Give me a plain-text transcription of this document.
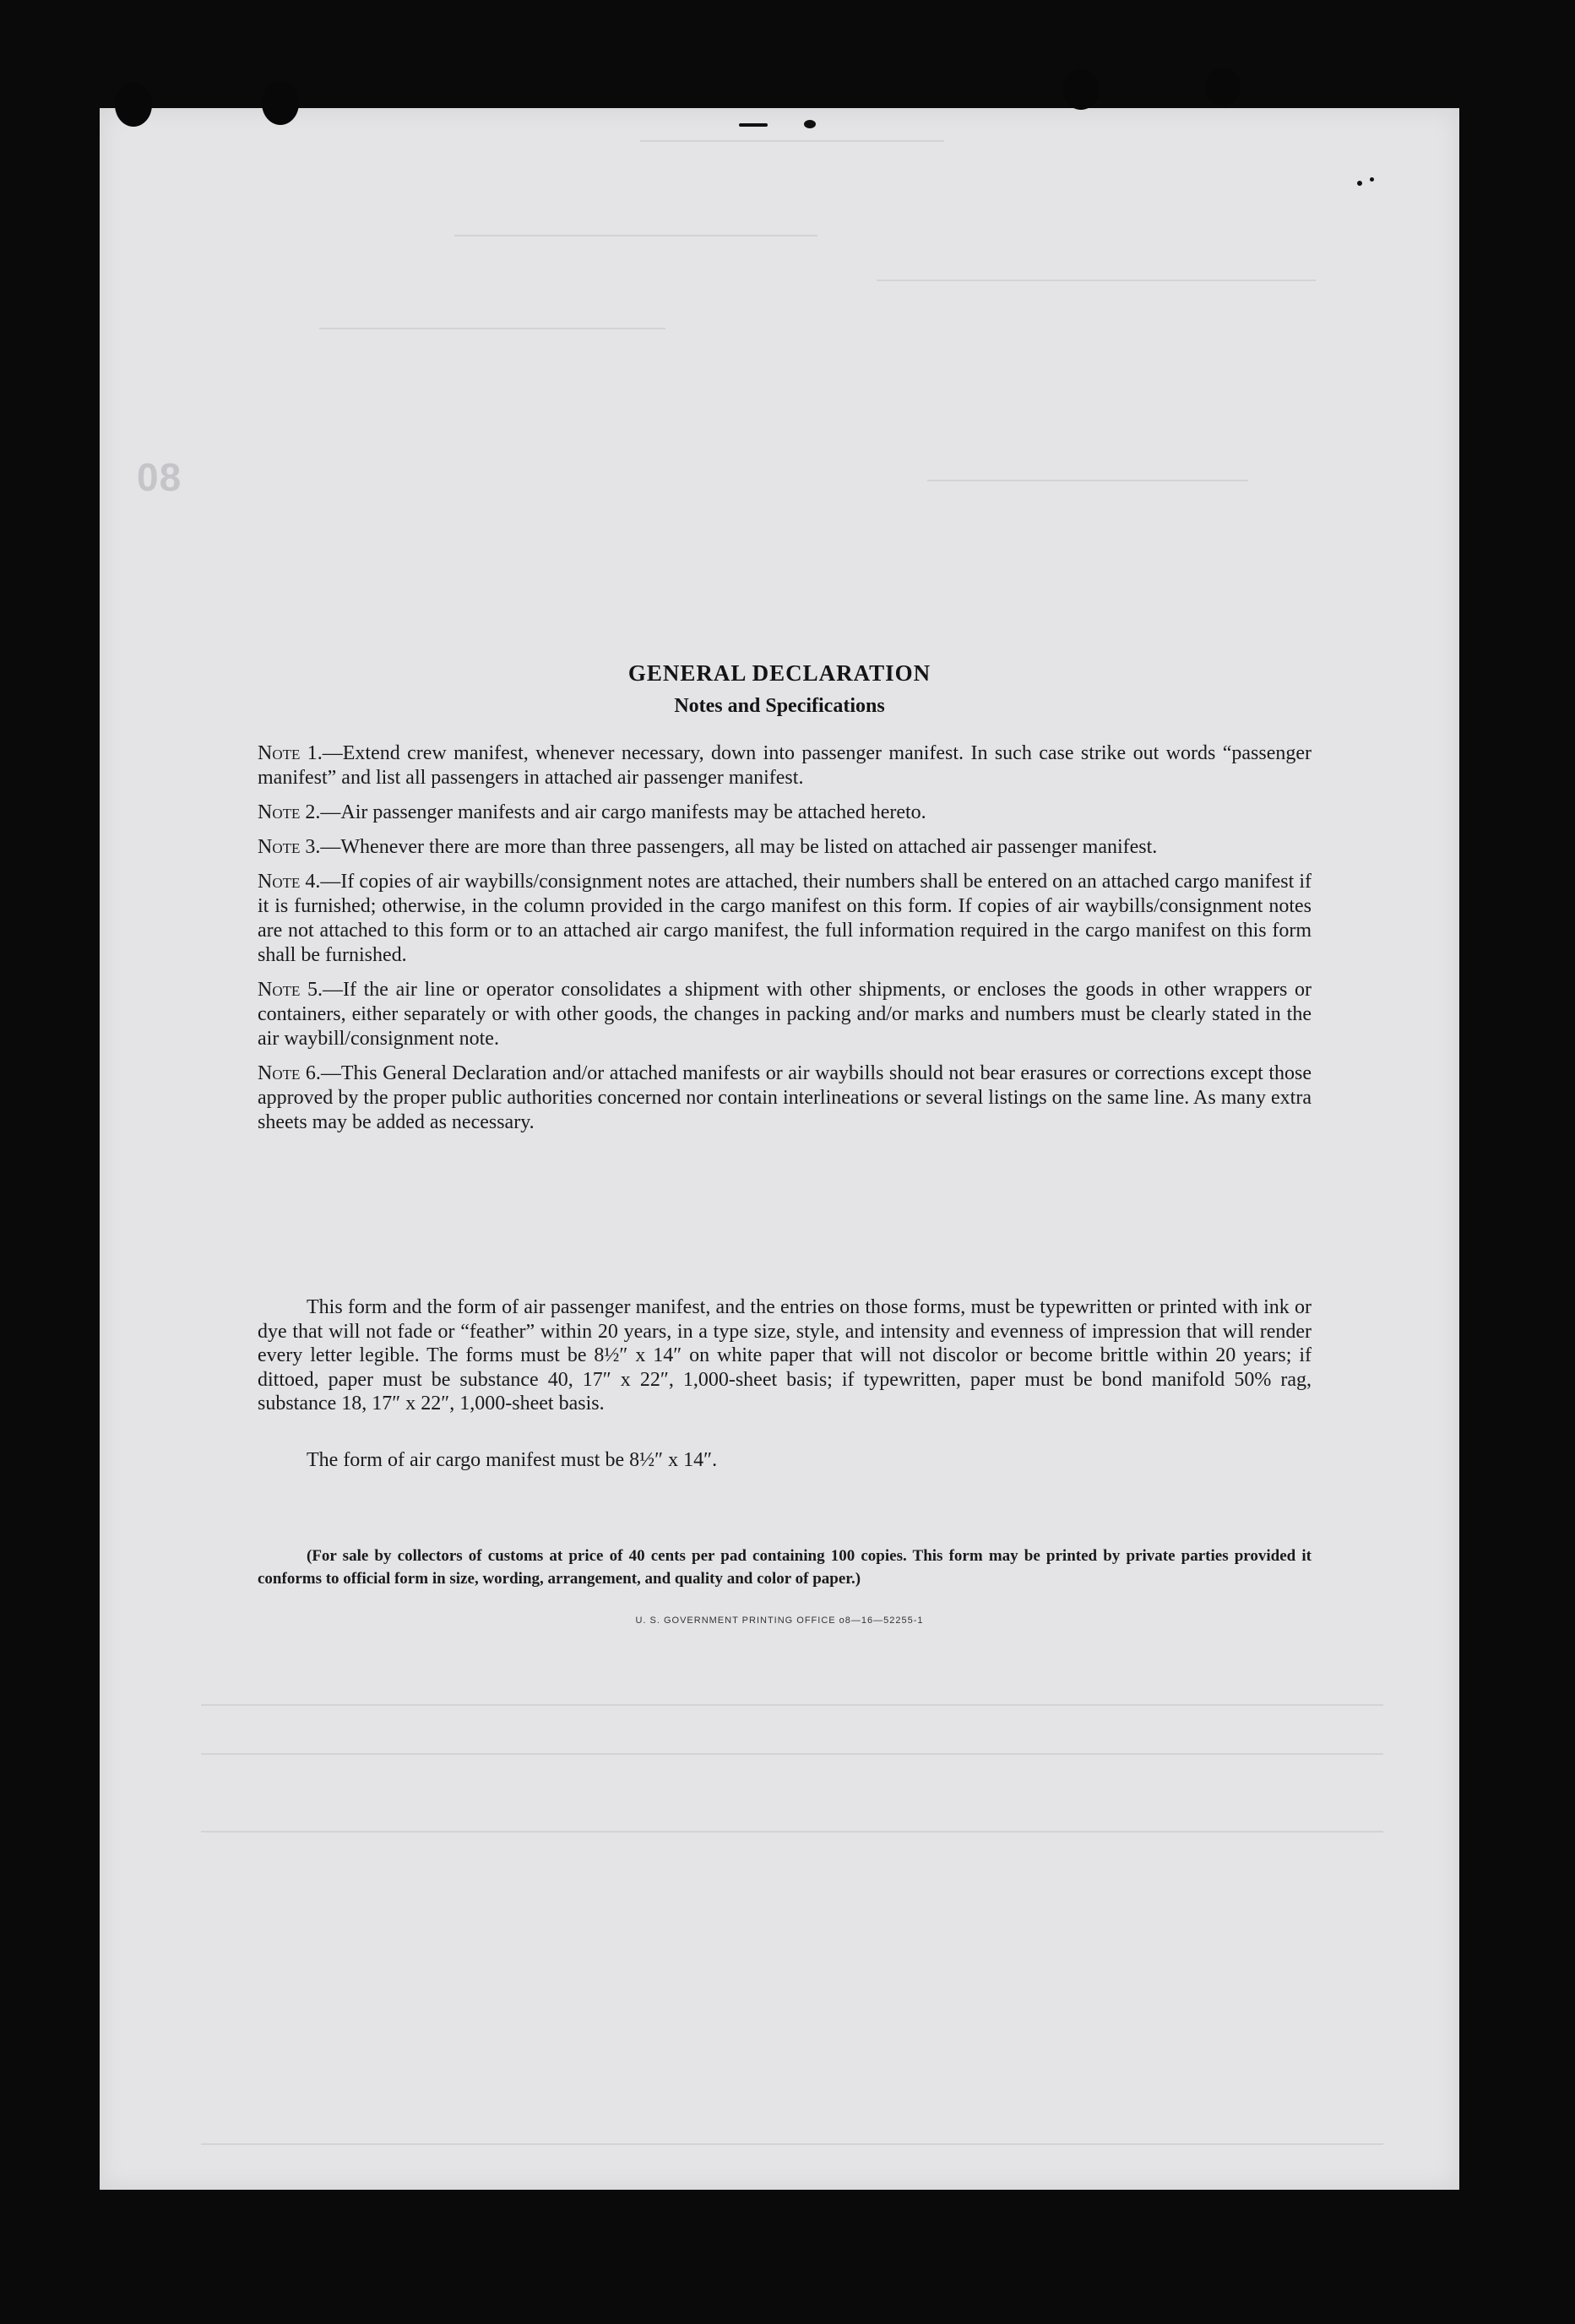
08
GENERAL DECLARATION
Notes and Specifications
Note 1.—Extend crew manifest, whenever necessary, down into passenger manifest. In such case strike out words “passenger manifest” and list all passengers in attached air passenger manifest.
Note 2.—Air passenger manifests and air cargo manifests may be attached hereto.
Note 3.—Whenever there are more than three passengers, all may be listed on attached air passenger manifest.
Note 4.—If copies of air waybills/consignment notes are attached, their numbers shall be entered on an attached cargo manifest if it is furnished; otherwise, in the column provided in the cargo manifest on this form. If copies of air waybills/consignment notes are not attached to this form or to an attached air cargo manifest, the full information required in the cargo manifest on this form shall be furnished.
Note 5.—If the air line or operator consolidates a shipment with other shipments, or encloses the goods in other wrappers or containers, either separately or with other goods, the changes in packing and/or marks and numbers must be clearly stated in the air waybill/consignment note.
Note 6.—This General Declaration and/or attached manifests or air waybills should not bear erasures or corrections except those approved by the proper public authorities concerned nor contain interlineations or several listings on the same line. As many extra sheets may be added as necessary.

This form and the form of air passenger manifest, and the entries on those forms, must be typewritten or printed with ink or dye that will not fade or “feather” within 20 years, in a type size, style, and intensity and evenness of impression that will render every letter legible. The forms must be 8½″ x 14″ on white paper that will not discolor or become brittle within 20 years; if dittoed, paper must be substance 40, 17″ x 22″, 1,000-sheet basis; if typewritten, paper must be bond manifold 50% rag, substance 18, 17″ x 22″, 1,000-sheet basis.

The form of air cargo manifest must be 8½″ x 14″.

(For sale by collectors of customs at price of 40 cents per pad containing 100 copies. This form may be printed by private parties provided it conforms to official form in size, wording, arrangement, and quality and color of paper.)

U. S. GOVERNMENT PRINTING OFFICE o8—16—52255-1
